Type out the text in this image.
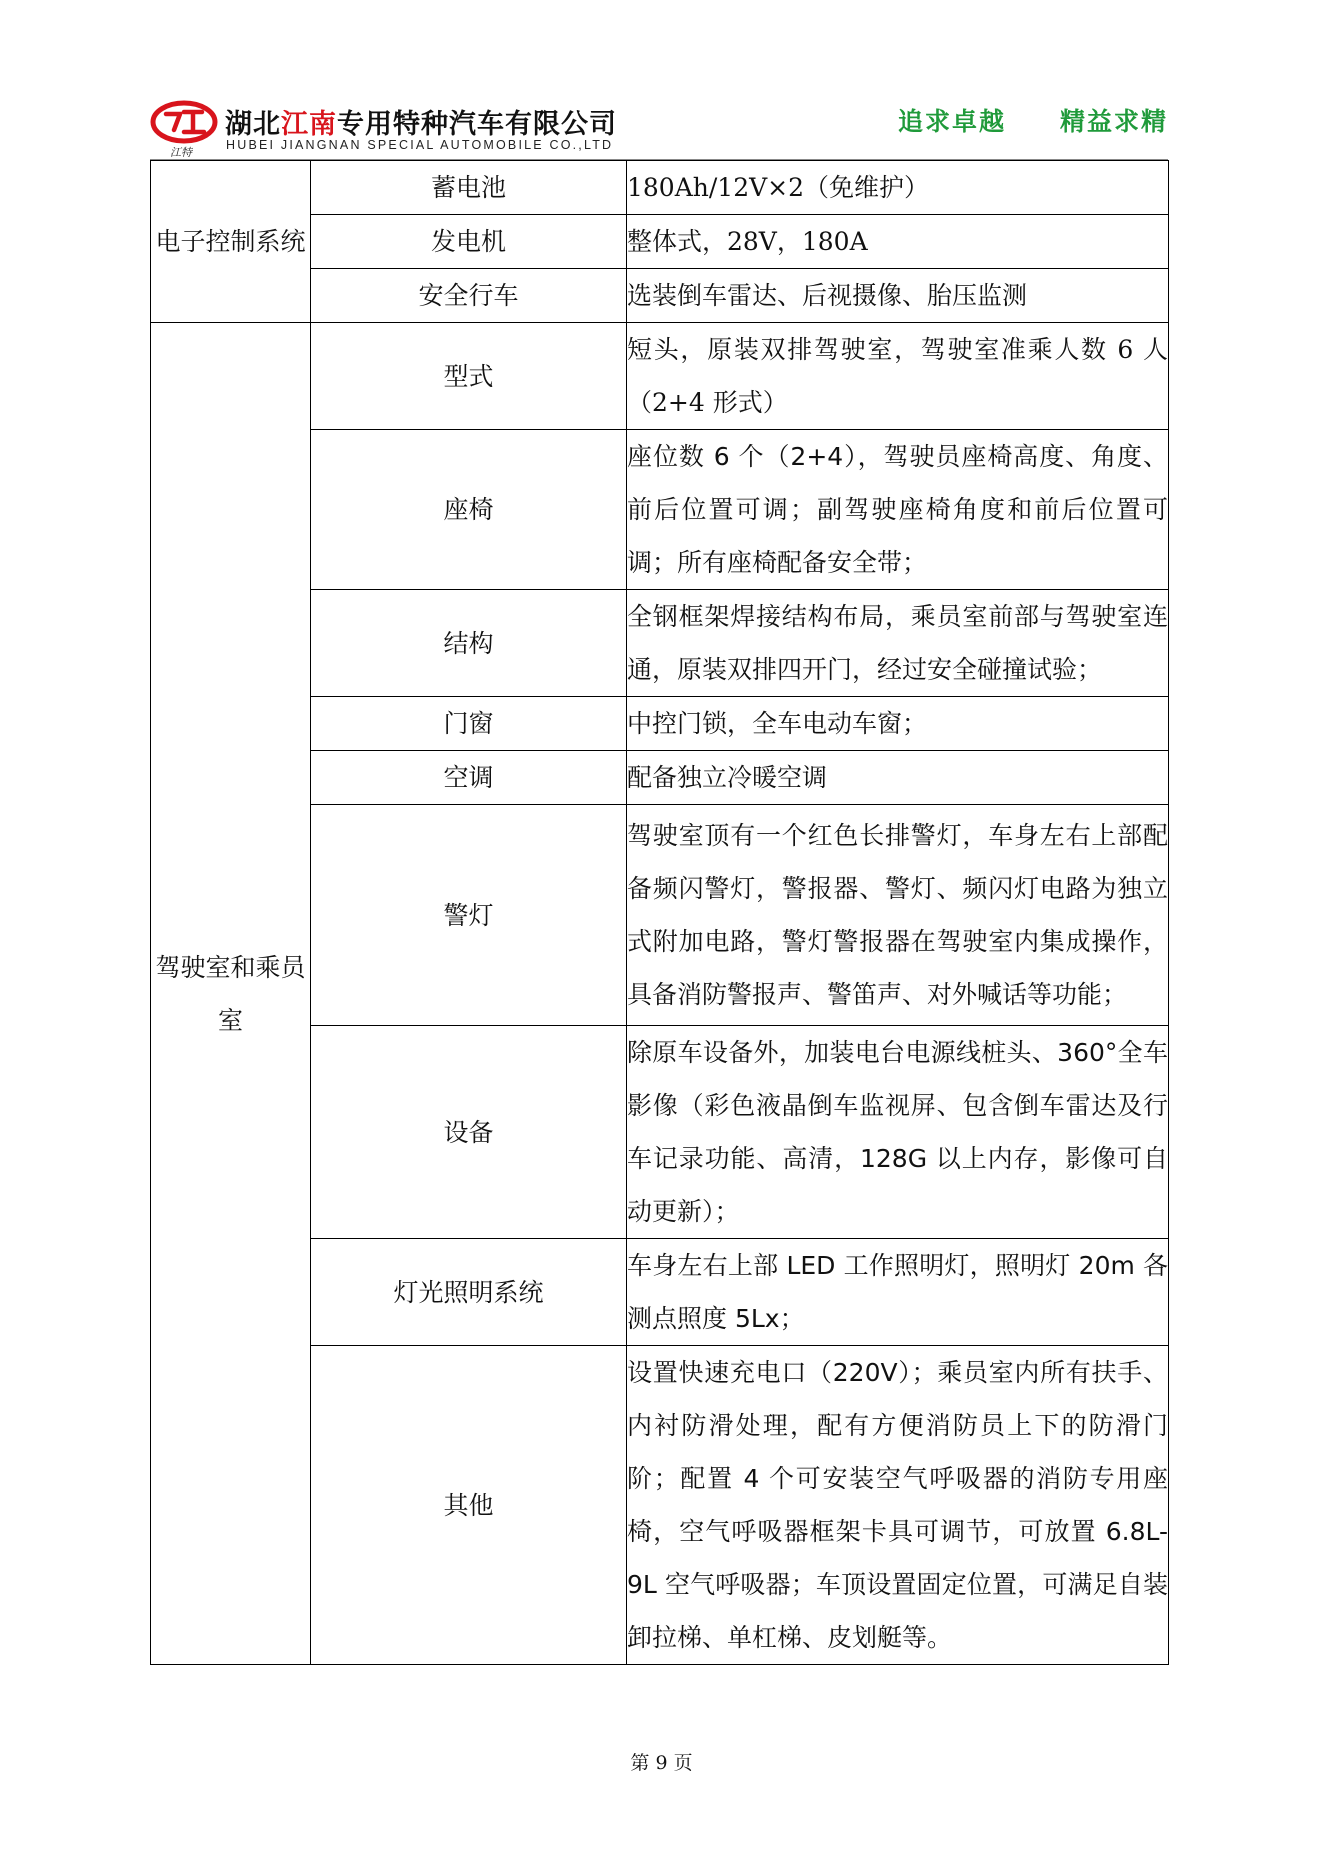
江特
湖北江南专用特种汽车有限公司
HUBEI JIANGNAN SPECIAL AUTOMOBILE CO.,LTD
追求卓越 精益求精
电子控制系统	蓄电池	180Ah/12V×2（免维护）
	发电机	整体式，28V，180A
	安全行车	选装倒车雷达、后视摄像、胎压监测
驾驶室和乘员室	型式	短头，原装双排驾驶室，驾驶室准乘人数 6 人（2+4 形式）
	座椅	座位数 6 个（2+4），驾驶员座椅高度、角度、前后位置可调；副驾驶座椅角度和前后位置可调；所有座椅配备安全带；
	结构	全钢框架焊接结构布局，乘员室前部与驾驶室连通，原装双排四开门，经过安全碰撞试验；
	门窗	中控门锁，全车电动车窗；
	空调	配备独立冷暖空调
	警灯	驾驶室顶有一个红色长排警灯，车身左右上部配备频闪警灯，警报器、警灯、频闪灯电路为独立式附加电路，警灯警报器在驾驶室内集成操作，具备消防警报声、警笛声、对外喊话等功能；
	设备	除原车设备外，加装电台电源线桩头、360°全车影像（彩色液晶倒车监视屏、包含倒车雷达及行车记录功能、高清，128G 以上内存，影像可自动更新）；
	灯光照明系统	车身左右上部 LED 工作照明灯，照明灯 20m 各测点照度 5Lx；
	其他	设置快速充电口（220V）；乘员室内所有扶手、内衬防滑处理，配有方便消防员上下的防滑门阶；配置 4 个可安装空气呼吸器的消防专用座椅，空气呼吸器框架卡具可调节，可放置 6.8L-9L 空气呼吸器；车顶设置固定位置，可满足自装卸拉梯、单杠梯、皮划艇等。
第 9 页
